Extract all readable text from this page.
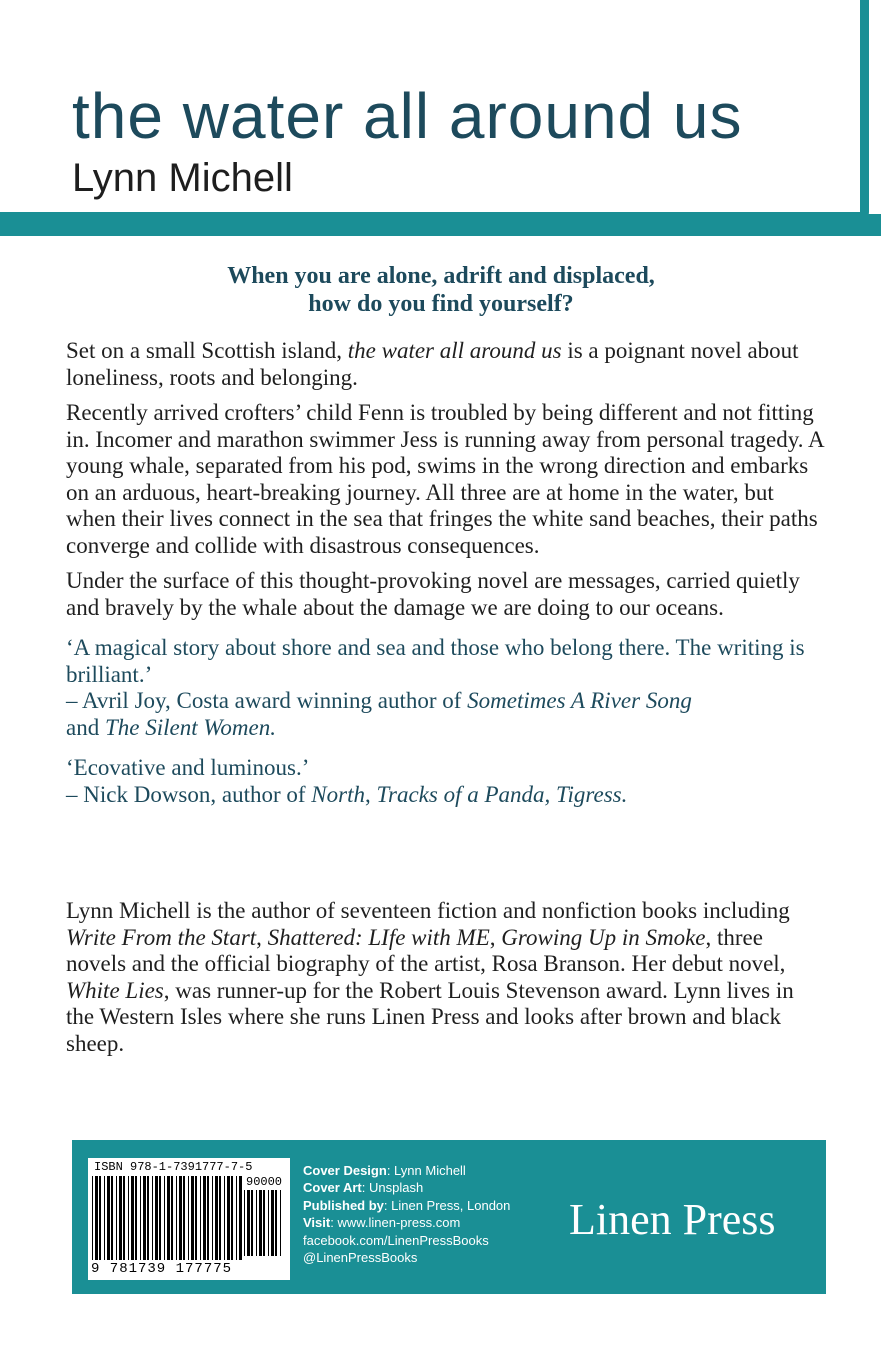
the water all around us
Lynn Michell
When you are alone, adrift and displaced,
how do you find yourself?

Set on a small Scottish island, the water all around us is a poignant novel about loneliness, roots and belonging.

Recently arrived crofters’ child Fenn is troubled by being different and not fitting in. Incomer and marathon swimmer Jess is running away from personal tragedy. A young whale, separated from his pod, swims in the wrong direction and embarks on an arduous, heart-breaking journey. All three are at home in the water, but when their lives connect in the sea that fringes the white sand beaches, their paths converge and collide with disastrous consequences.

Under the surface of this thought-provoking novel are messages, carried quietly and bravely by the whale about the damage we are doing to our oceans.

‘A magical story about shore and sea and those who belong there. The writing is brilliant.’
– Avril Joy, Costa award winning author of Sometimes A River Song
and The Silent Women.

‘Ecovative and luminous.’
– Nick Dowson, author of North, Tracks of a Panda, Tigress.

Lynn Michell is the author of seventeen fiction and nonfiction books including Write From the Start, Shattered: LIfe with ME, Growing Up in Smoke, three novels and the official biography of the artist, Rosa Branson. Her debut novel, White Lies, was runner-up for the Robert Louis Stevenson award. Lynn lives in the Western Isles where she runs Linen Press and looks after brown and black sheep.

ISBN 978-1-7391777-7-5
90000
9 781739 177775
Cover Design: Lynn Michell
Cover Art: Unsplash
Published by: Linen Press, London
Visit: www.linen-press.com
facebook.com/LinenPressBooks
@LinenPressBooks
Linen Press
